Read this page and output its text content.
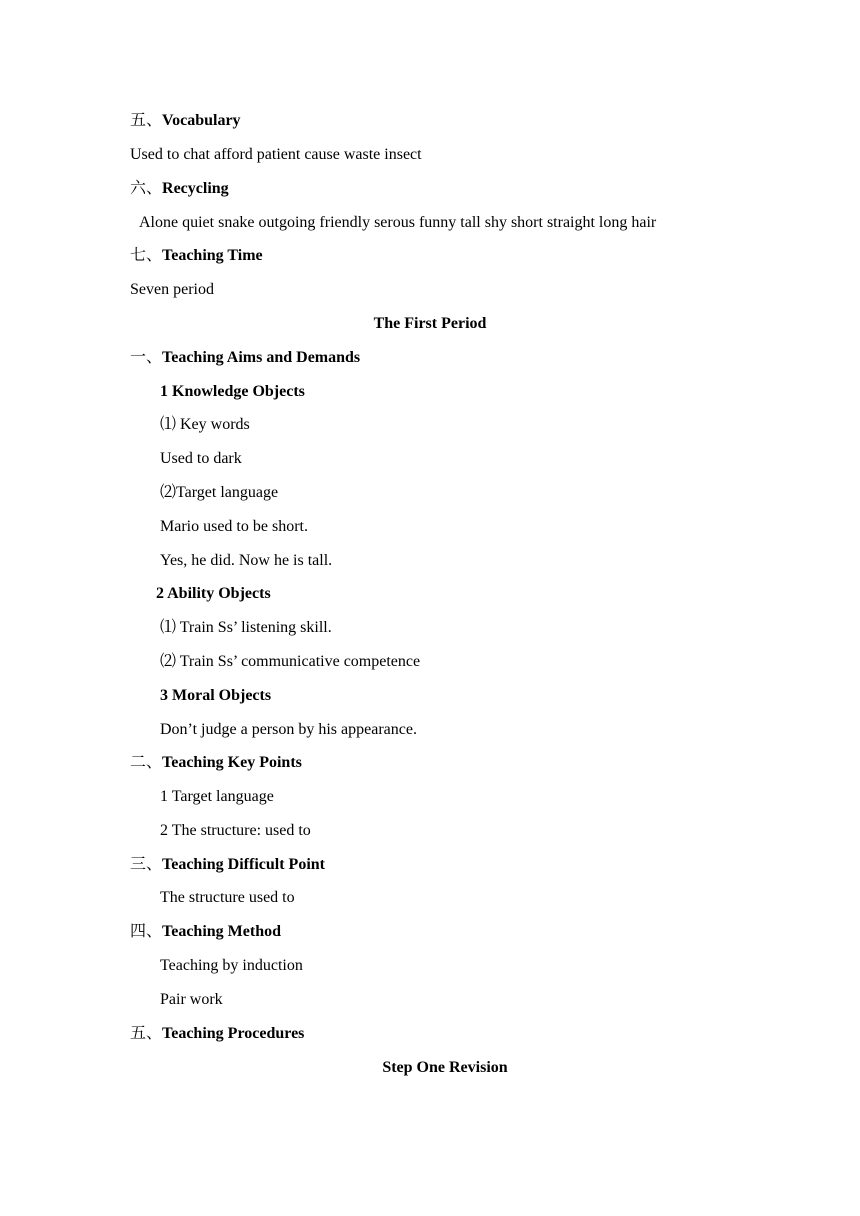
五、Vocabulary
Used to chat afford patient cause waste insect
六、Recycling
Alone quiet snake outgoing friendly serous funny tall shy short straight long hair
七、Teaching Time
Seven period
The First Period
一、Teaching Aims and Demands
1 Knowledge Objects
⑴ Key words
Used to dark
⑵Target language
Mario used to be short.
Yes, he did. Now he is tall.
2 Ability Objects
⑴ Train Ss’ listening skill.
⑵ Train Ss’ communicative competence
3 Moral Objects
Don’t judge a person by his appearance.
二、Teaching Key Points
1 Target language
2 The structure: used to
三、Teaching Difficult Point
The structure used to
四、Teaching Method
Teaching by induction
Pair work
五、Teaching Procedures
Step One Revision
